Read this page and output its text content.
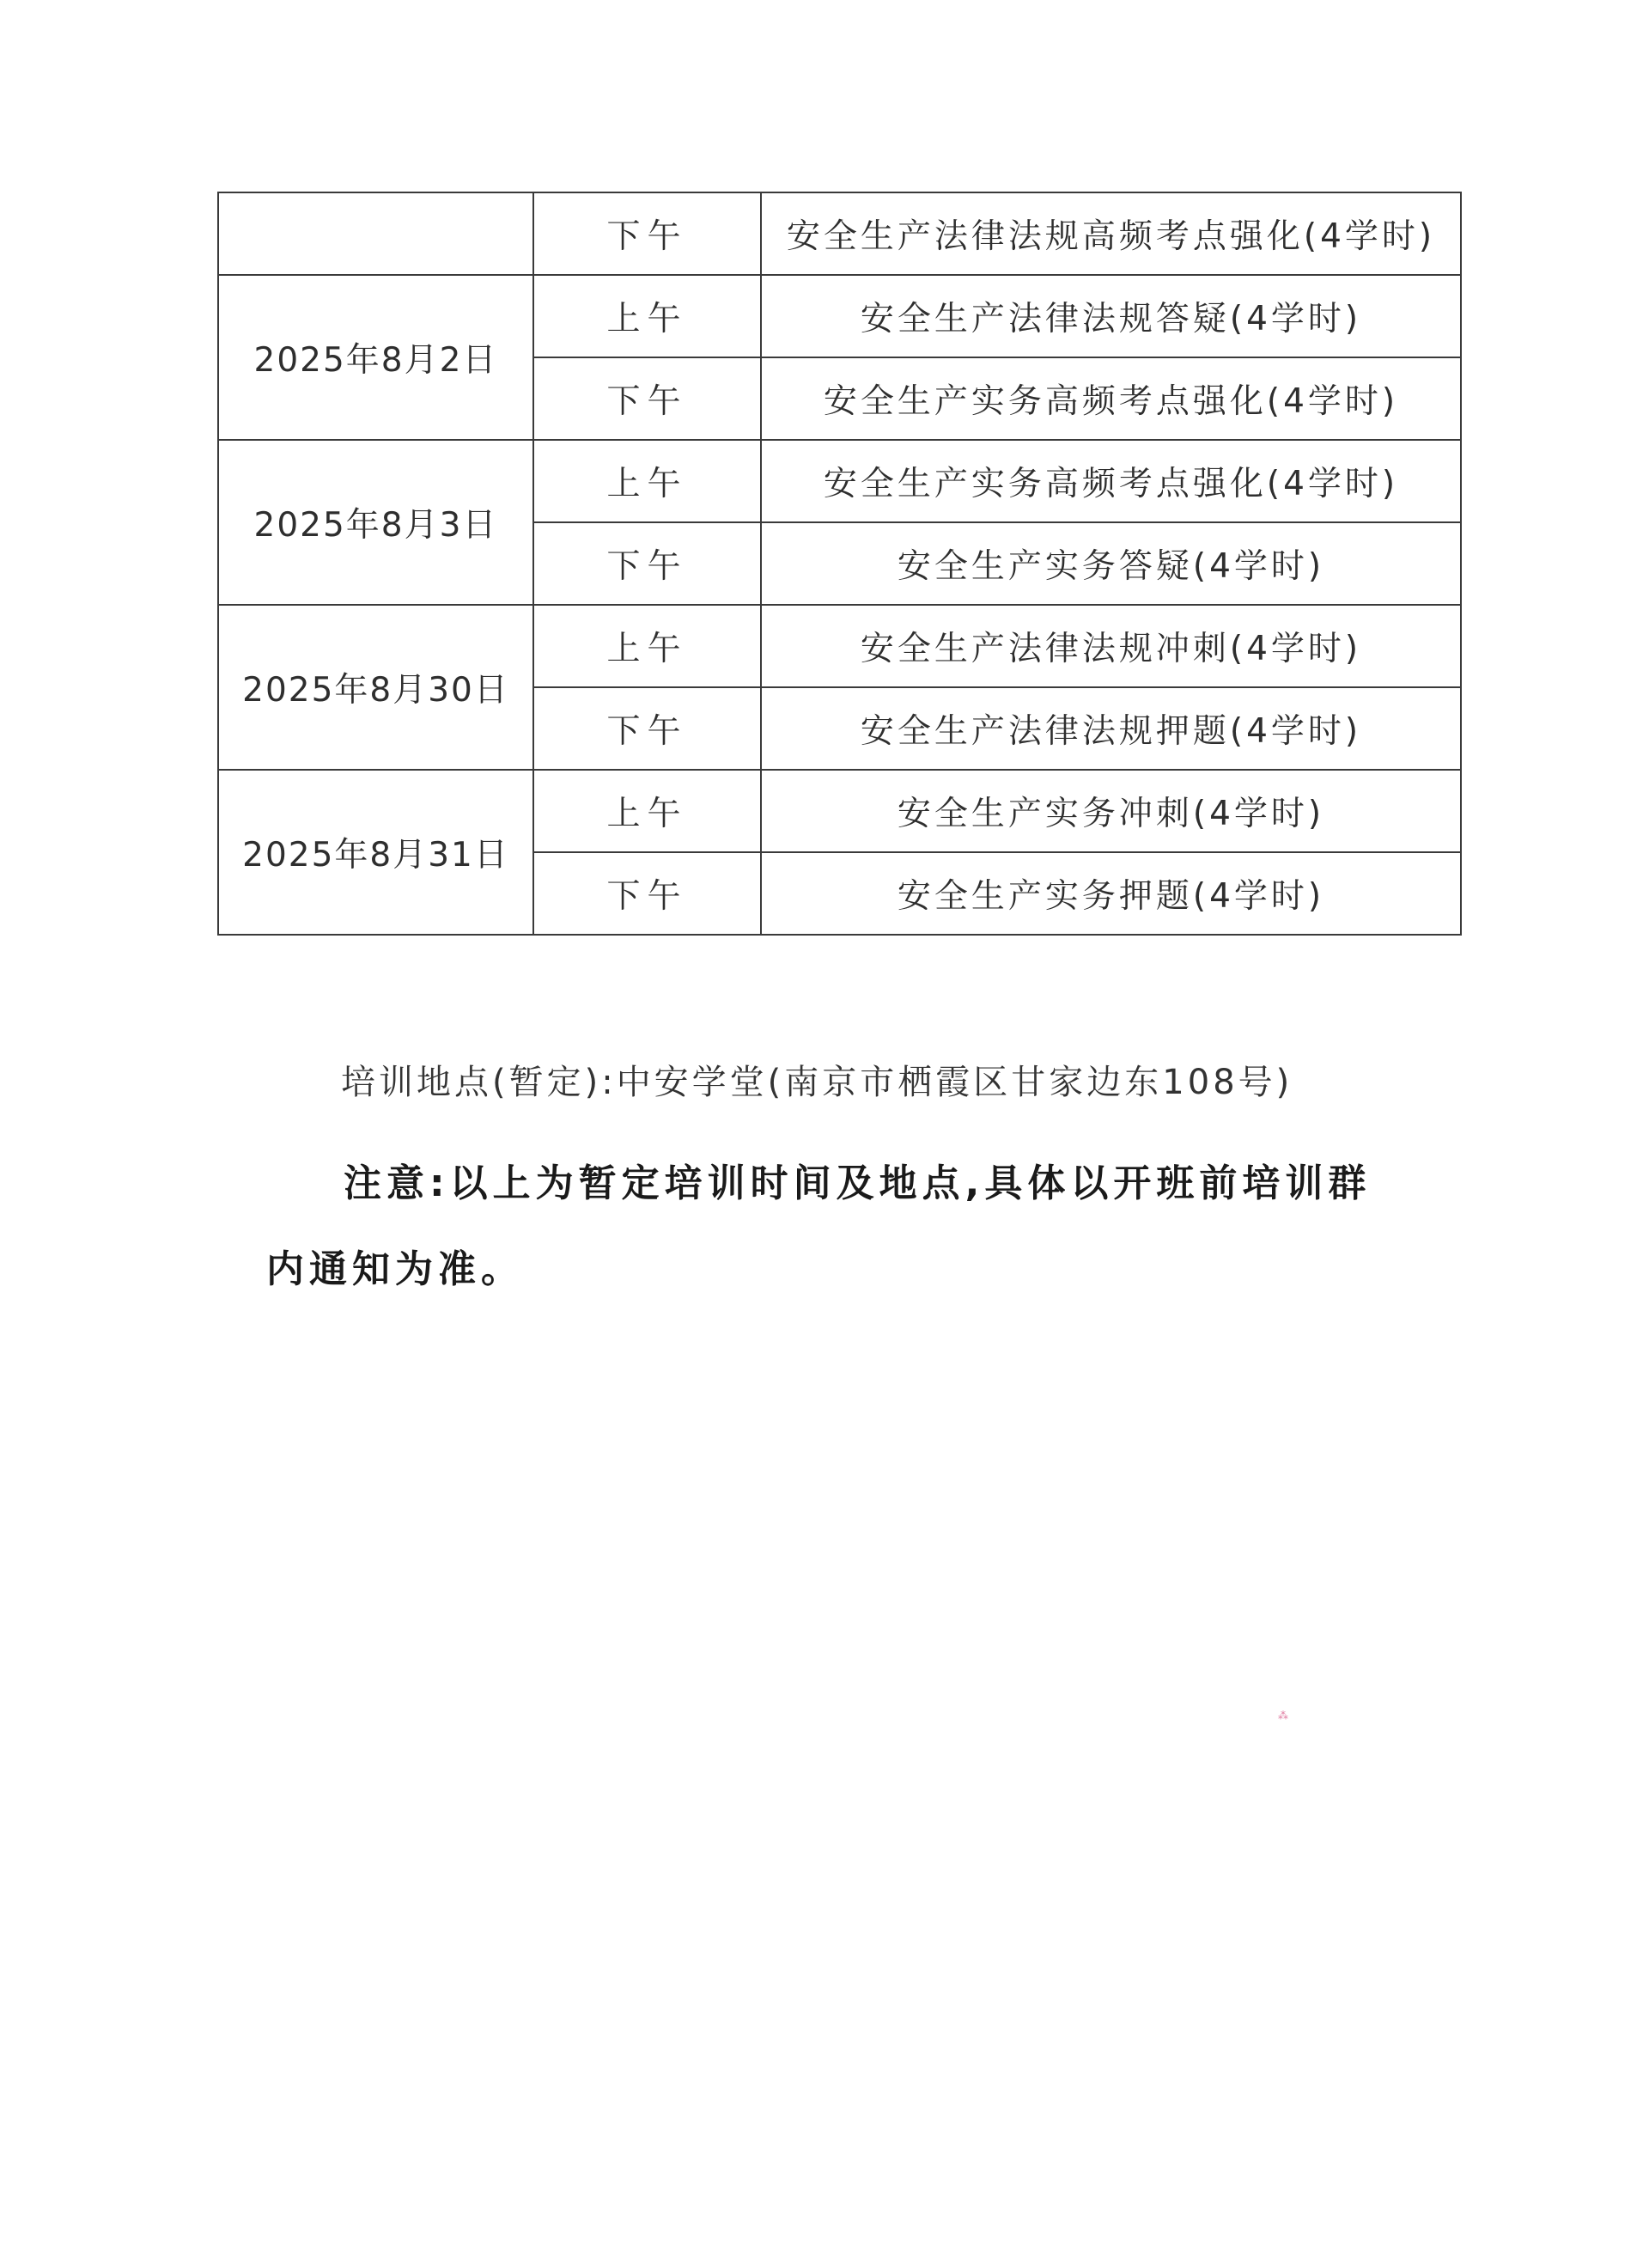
	下午	安全生产法律法规高频考点强化(4学时)
2025年8月2日	上午	安全生产法律法规答疑(4学时)
	下午	安全生产实务高频考点强化(4学时)
2025年8月3日	上午	安全生产实务高频考点强化(4学时)
	下午	安全生产实务答疑(4学时)
2025年8月30日	上午	安全生产法律法规冲刺(4学时)
	下午	安全生产法律法规押题(4学时)
2025年8月31日	上午	安全生产实务冲刺(4学时)
	下午	安全生产实务押题(4学时)
培训地点(暂定):中安学堂(南京市栖霞区甘家边东108号)
注意:以上为暂定培训时间及地点,具体以开班前培训群内通知为准。
⁂
